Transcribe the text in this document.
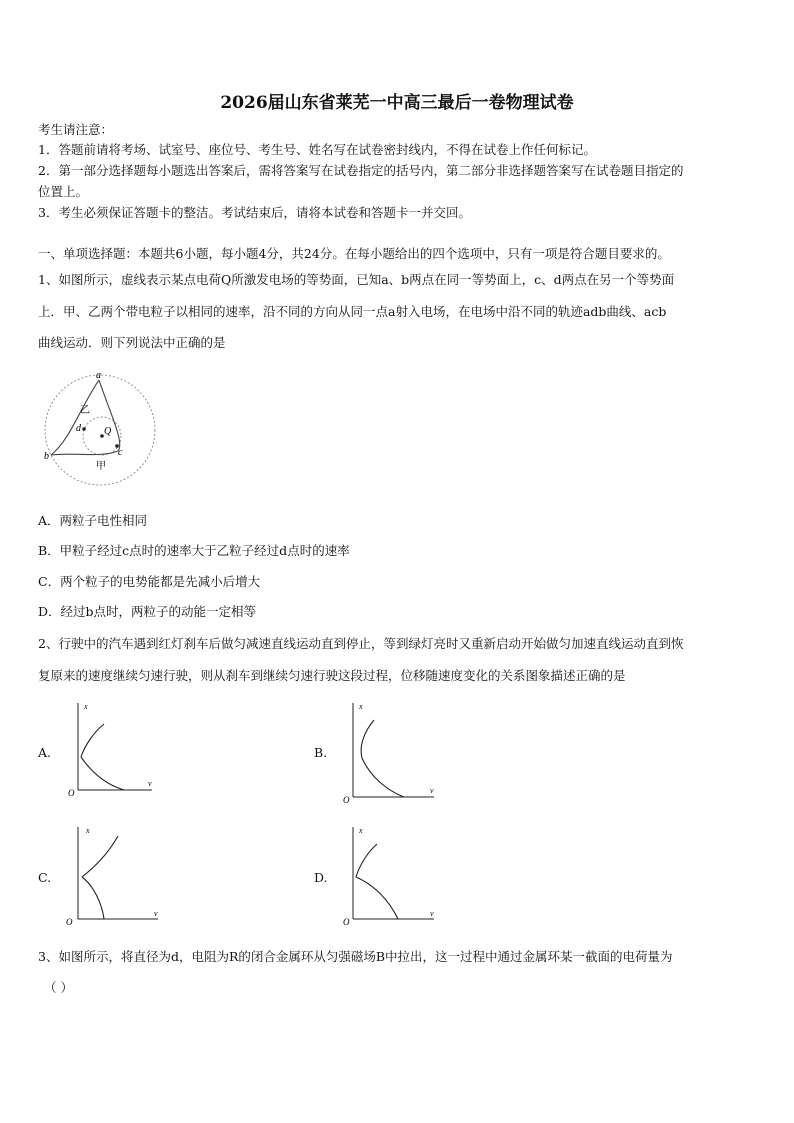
2026届山东省莱芜一中高三最后一卷物理试卷
考生请注意：
1．答题前请将考场、试室号、座位号、考生号、姓名写在试卷密封线内，不得在试卷上作任何标记。
2．第一部分选择题每小题选出答案后，需将答案写在试卷指定的括号内，第二部分非选择题答案写在试卷题目指定的
位置上。
3．考生必须保证答题卡的整洁。考试结束后，请将本试卷和答题卡一并交回。
一、单项选择题：本题共6小题，每小题4分，共24分。在每小题给出的四个选项中，只有一项是符合题目要求的。
1、如图所示，虚线表示某点电荷Q所激发电场的等势面，已知a、b两点在同一等势面上，c、d两点在另一个等势面
上．甲、乙两个带电粒子以相同的速率，沿不同的方向从同一点a射入电场，在电场中沿不同的轨迹adb曲线、acb
曲线运动．则下列说法中正确的是
a
b	c
d Q
乙
甲
A．两粒子电性相同
B．甲粒子经过c点时的速率大于乙粒子经过d点时的速率
C．两个粒子的电势能都是先减小后增大
D．经过b点时，两粒子的动能一定相等
2、行驶中的汽车遇到红灯刹车后做匀减速直线运动直到停止，等到绿灯亮时又重新启动开始做匀加速直线运动直到恢
复原来的速度继续匀速行驶，则从刹车到继续匀速行驶这段过程，位移随速度变化的关系图象描述正确的是
A.	B.
C.	D.
x
v
O
x
v
O
x
v
O
x
v
O
3、如图所示，将直径为d，电阻为R的闭合金属环从匀强磁场B中拉出，这一过程中通过金属环某一截面的电荷量为
（ ）
